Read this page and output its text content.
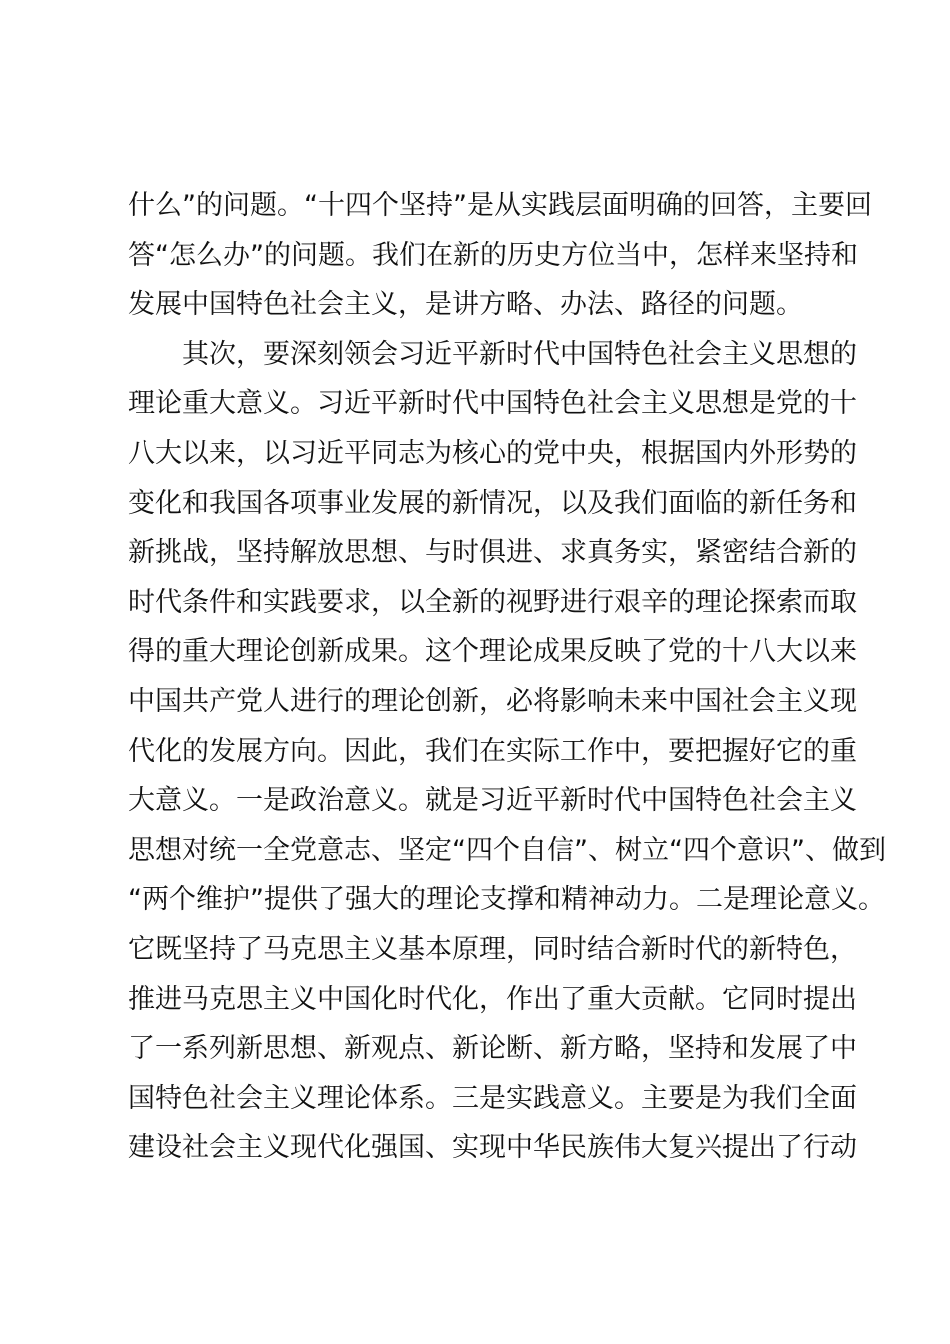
什么”的问题。“十四个坚持”是从实践层面明确的回答，主要回
答“怎么办”的问题。我们在新的历史方位当中，怎样来坚持和
发展中国特色社会主义，是讲方略、办法、路径的问题。
其次，要深刻领会习近平新时代中国特色社会主义思想的
理论重大意义。习近平新时代中国特色社会主义思想是党的十
八大以来，以习近平同志为核心的党中央，根据国内外形势的
变化和我国各项事业发展的新情况，以及我们面临的新任务和
新挑战，坚持解放思想、与时俱进、求真务实，紧密结合新的
时代条件和实践要求，以全新的视野进行艰辛的理论探索而取
得的重大理论创新成果。这个理论成果反映了党的十八大以来
中国共产党人进行的理论创新，必将影响未来中国社会主义现
代化的发展方向。因此，我们在实际工作中，要把握好它的重
大意义。一是政治意义。就是习近平新时代中国特色社会主义
思想对统一全党意志、坚定“四个自信”、树立“四个意识”、做到
“两个维护”提供了强大的理论支撑和精神动力。二是理论意义。
它既坚持了马克思主义基本原理，同时结合新时代的新特色，
推进马克思主义中国化时代化，作出了重大贡献。它同时提出
了一系列新思想、新观点、新论断、新方略，坚持和发展了中
国特色社会主义理论体系。三是实践意义。主要是为我们全面
建设社会主义现代化强国、实现中华民族伟大复兴提出了行动
